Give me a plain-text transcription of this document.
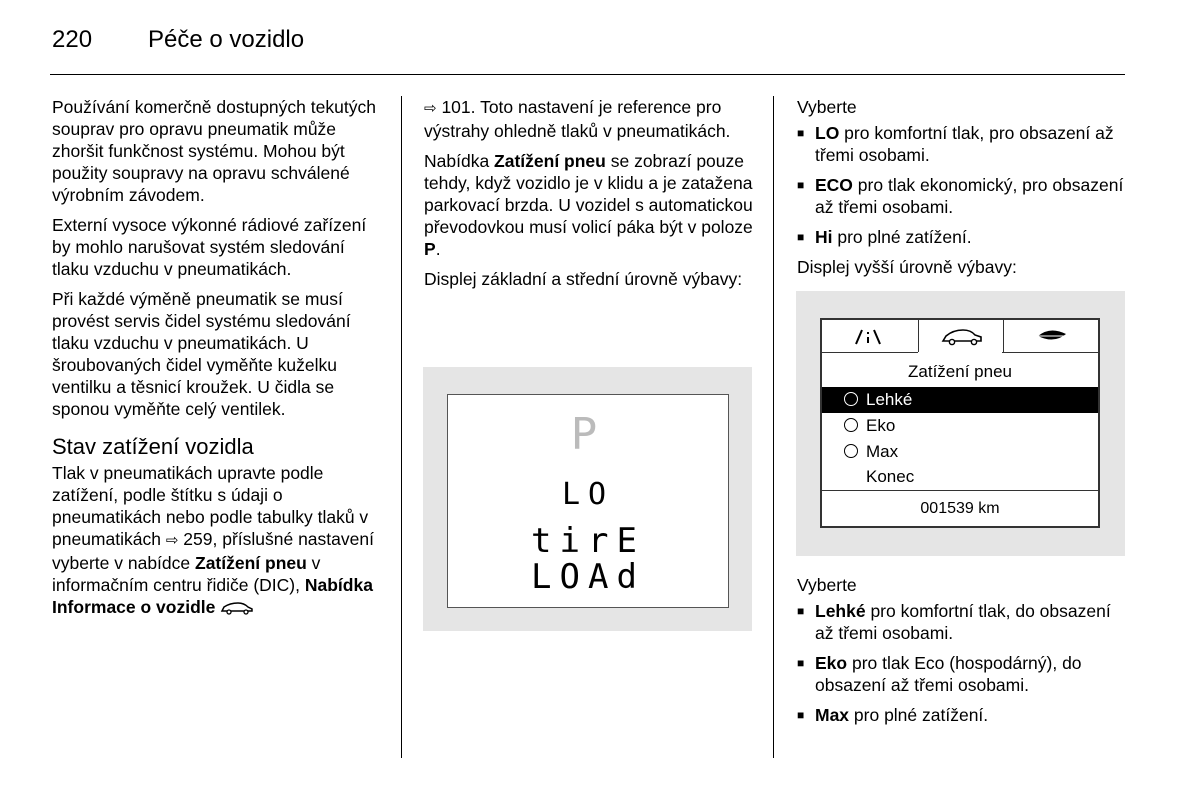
220 Péče o vozidlo

Používání komerčně dostupných tekutých souprav pro opravu pneumatik může zhoršit funkčnost systému. Mohou být použity soupravy na opravu schválené výrobním závodem.

Externí vysoce výkonné rádiové zařízení by mohlo narušovat systém sledování tlaku vzduchu v pneumatikách.

Při každé výměně pneumatik se musí provést servis čidel systému sledování tlaku vzduchu v pneumatikách. U šroubovaných čidel vyměňte kuželku ventilku a těsnicí kroužek. U čidla se sponou vyměňte celý ventilek.

Stav zatížení vozidla

Tlak v pneumatikách upravte podle zatížení, podle štítku s údaji o pneumatikách nebo podle tabulky tlaků v pneumatikách ⇨ 259, příslušné nastavení vyberte v nabídce Zatížení pneu v informačním centru řidiče (DIC), Nabídka Informace o vozidle

⇨ 101. Toto nastavení je reference pro výstrahy ohledně tlaků v pneumatikách.

Nabídka Zatížení pneu se zobrazí pouze tehdy, když vozidlo je v klidu a je zatažena parkovací brzda. U vozidel s automatickou převodovkou musí volicí páka být v poloze P.

Displej základní a střední úrovně výbavy:

P
LO
tirE
LOAd

Vyberte

■ LO pro komfortní tlak, pro obsazení až třemi osobami.
■ ECO pro tlak ekonomický, pro obsazení až třemi osobami.
■ Hi pro plné zatížení.

Displej vyšší úrovně výbavy:

Zatížení pneu
Lehké
Eko
Max
Konec
001539 km

Vyberte

■ Lehké pro komfortní tlak, do obsazení až třemi osobami.
■ Eko pro tlak Eco (hospodárný), do obsazení až třemi osobami.
■ Max pro plné zatížení.
